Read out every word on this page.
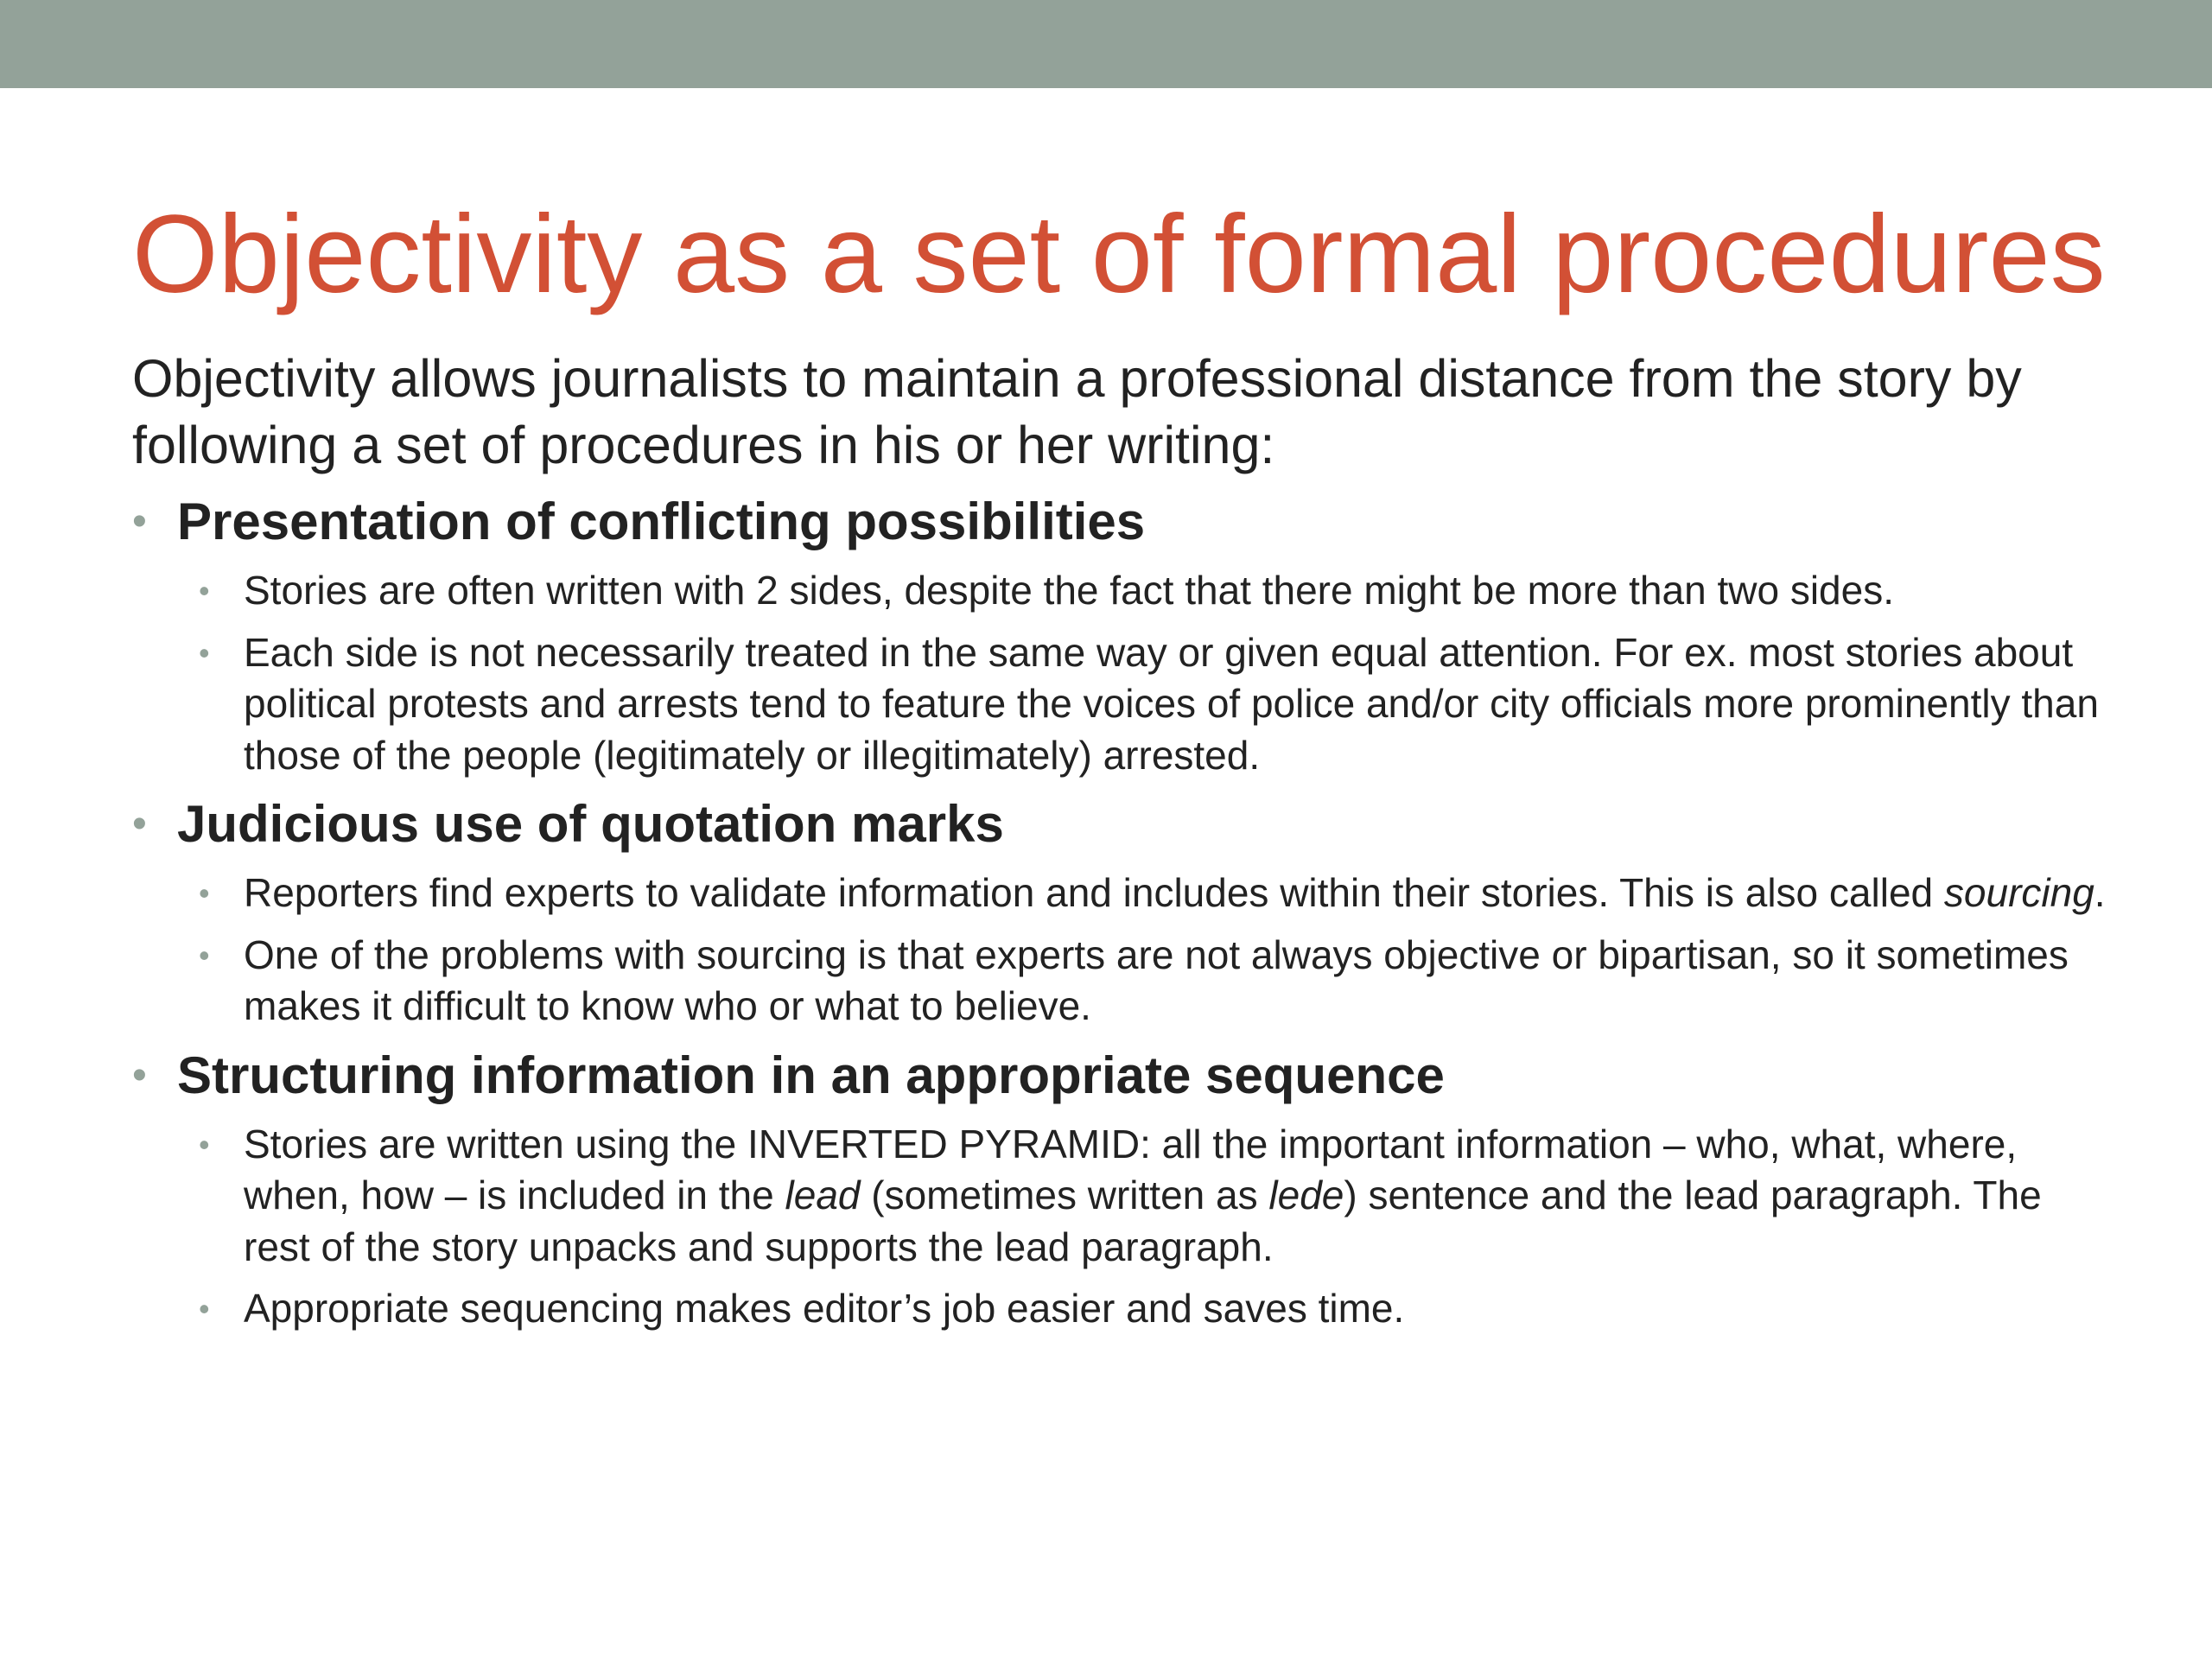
Objectivity as a set of formal procedures

Objectivity allows journalists to maintain a professional distance from the story by following a set of procedures in his or her writing:

• Presentation of conflicting possibilities
• Stories are often written with 2 sides, despite the fact that there might be more than two sides.
• Each side is not necessarily treated in the same way or given equal attention. For ex. most stories about political protests and arrests tend to feature the voices of police and/or city officials more prominently than those of the people (legitimately or illegitimately) arrested.
• Judicious use of quotation marks
• Reporters find experts to validate information and includes within their stories. This is also called sourcing.
• One of the problems with sourcing is that experts are not always objective or bipartisan, so it sometimes makes it difficult to know who or what to believe.
• Structuring information in an appropriate sequence
• Stories are written using the INVERTED PYRAMID: all the important information – who, what, where, when, how – is included in the lead (sometimes written as lede) sentence and the lead paragraph. The rest of the story unpacks and supports the lead paragraph.
• Appropriate sequencing makes editor’s job easier and saves time.
